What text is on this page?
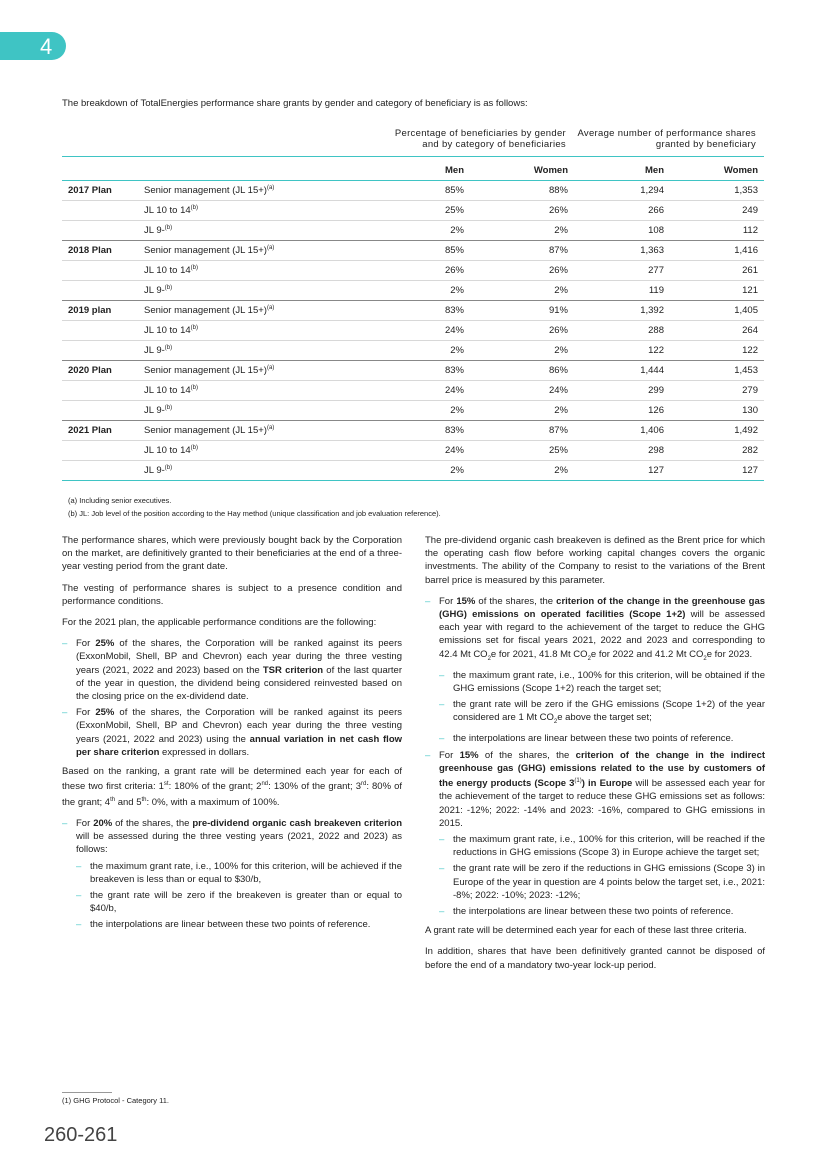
4
The breakdown of TotalEnergies performance share grants by gender and category of beneficiary is as follows:
		Percentage of beneficiaries by gender and by category of beneficiaries		Average number of performance shares granted by beneficiary	
		Men	Women	Men	Women
2017 Plan	Senior management (JL 15+)$^{(a)}$	85%	88%	1,294	1,353
	JL 10 to 14$^{(b)}$	25%	26%	266	249
	JL 9-$^{(b)}$	2%	2%	108	112
2018 Plan	Senior management (JL 15+)$^{(a)}$	85%	87%	1,363	1,416
	JL 10 to 14$^{(b)}$	26%	26%	277	261
	JL 9-$^{(b)}$	2%	2%	119	121
2019 plan	Senior management (JL 15+)$^{(a)}$	83%	91%	1,392	1,405
	JL 10 to 14$^{(b)}$	24%	26%	288	264
	JL 9-$^{(b)}$	2%	2%	122	122
2020 Plan	Senior management (JL 15+)$^{(a)}$	83%	86%	1,444	1,453
	JL 10 to 14$^{(b)}$	24%	24%	299	279
	JL 9-$^{(b)}$	2%	2%	126	130
2021 Plan	Senior management (JL 15+)$^{(a)}$	83%	87%	1,406	1,492
	JL 10 to 14$^{(b)}$	24%	25%	298	282
	JL 9-$^{(b)}$	2%	2%	127	127
(a) Including senior executives.
(b) JL: Job level of the position according to the Hay method (unique classification and job evaluation reference).

The performance shares, which were previously bought back by the Corporation on the market, are definitively granted to their beneficiaries at the end of a three-year vesting period from the grant date.

The vesting of performance shares is subject to a presence condition and performance conditions.

For the 2021 plan, the applicable performance conditions are the following:

– For 25% of the shares, the Corporation will be ranked against its peers (ExxonMobil, Shell, BP and Chevron) each year during the three vesting years (2021, 2022 and 2023) based on the TSR criterion of the last quarter of the year in question, the dividend being considered reinvested based on the closing price on the ex-dividend date.
– For 25% of the shares, the Corporation will be ranked against its peers (ExxonMobil, Shell, BP and Chevron) each year during the three vesting years (2021, 2022 and 2023) using the annual variation in net cash flow per share criterion expressed in dollars.

Based on the ranking, a grant rate will be determined each year for each of these two first criteria: 1st: 180% of the grant; 2nd: 130% of the grant; 3rd: 80% of the grant; 4th and 5th: 0%, with a maximum of 100%.

– For 20% of the shares, the pre-dividend organic cash breakeven criterion will be assessed during the three vesting years (2021, 2022 and 2023) as follows:
– the maximum grant rate, i.e., 100% for this criterion, will be achieved if the breakeven is less than or equal to $30/b,
– the grant rate will be zero if the breakeven is greater than or equal to $40/b,
– the interpolations are linear between these two points of reference.

The pre-dividend organic cash breakeven is defined as the Brent price for which the operating cash flow before working capital changes covers the organic investments. The ability of the Company to resist to the variations of the Brent barrel price is measured by this parameter.

– For 15% of the shares, the criterion of the change in the greenhouse gas (GHG) emissions on operated facilities (Scope 1+2) will be assessed each year with regard to the achievement of the target to reduce the GHG emissions set for fiscal years 2021, 2022 and 2023 and corresponding to 42.4 Mt $CO_2e$ for 2021, 41.8 Mt $CO_2e$ for 2022 and 41.2 Mt $CO_2e$ for 2023.
– the maximum grant rate, i.e., 100% for this criterion, will be obtained if the GHG emissions (Scope 1+2) reach the target set;
– the grant rate will be zero if the GHG emissions (Scope 1+2) of the year considered are 1 Mt $CO_2e$ above the target set;
– the interpolations are linear between these two points of reference.
– For 15% of the shares, the criterion of the change in the indirect greenhouse gas (GHG) emissions related to the use by customers of the energy products (Scope 3$^{(1)}$) in Europe will be assessed each year for the achievement of the target to reduce these GHG emissions set as follows: 2021: -12%; 2022: -14% and 2023: -16%, compared to GHG emissions in 2015.
– the maximum grant rate, i.e., 100% for this criterion, will be reached if the reductions in GHG emissions (Scope 3) in Europe achieve the target set;
– the grant rate will be zero if the reductions in GHG emissions (Scope 3) in Europe of the year in question are 4 points below the target set, i.e., 2021: -8%; 2022: -10%; 2023: -12%;
– the interpolations are linear between these two points of reference.

A grant rate will be determined each year for each of these last three criteria.

In addition, shares that have been definitively granted cannot be disposed of before the end of a mandatory two-year lock-up period.

(1) GHG Protocol - Category 11.
260-261
